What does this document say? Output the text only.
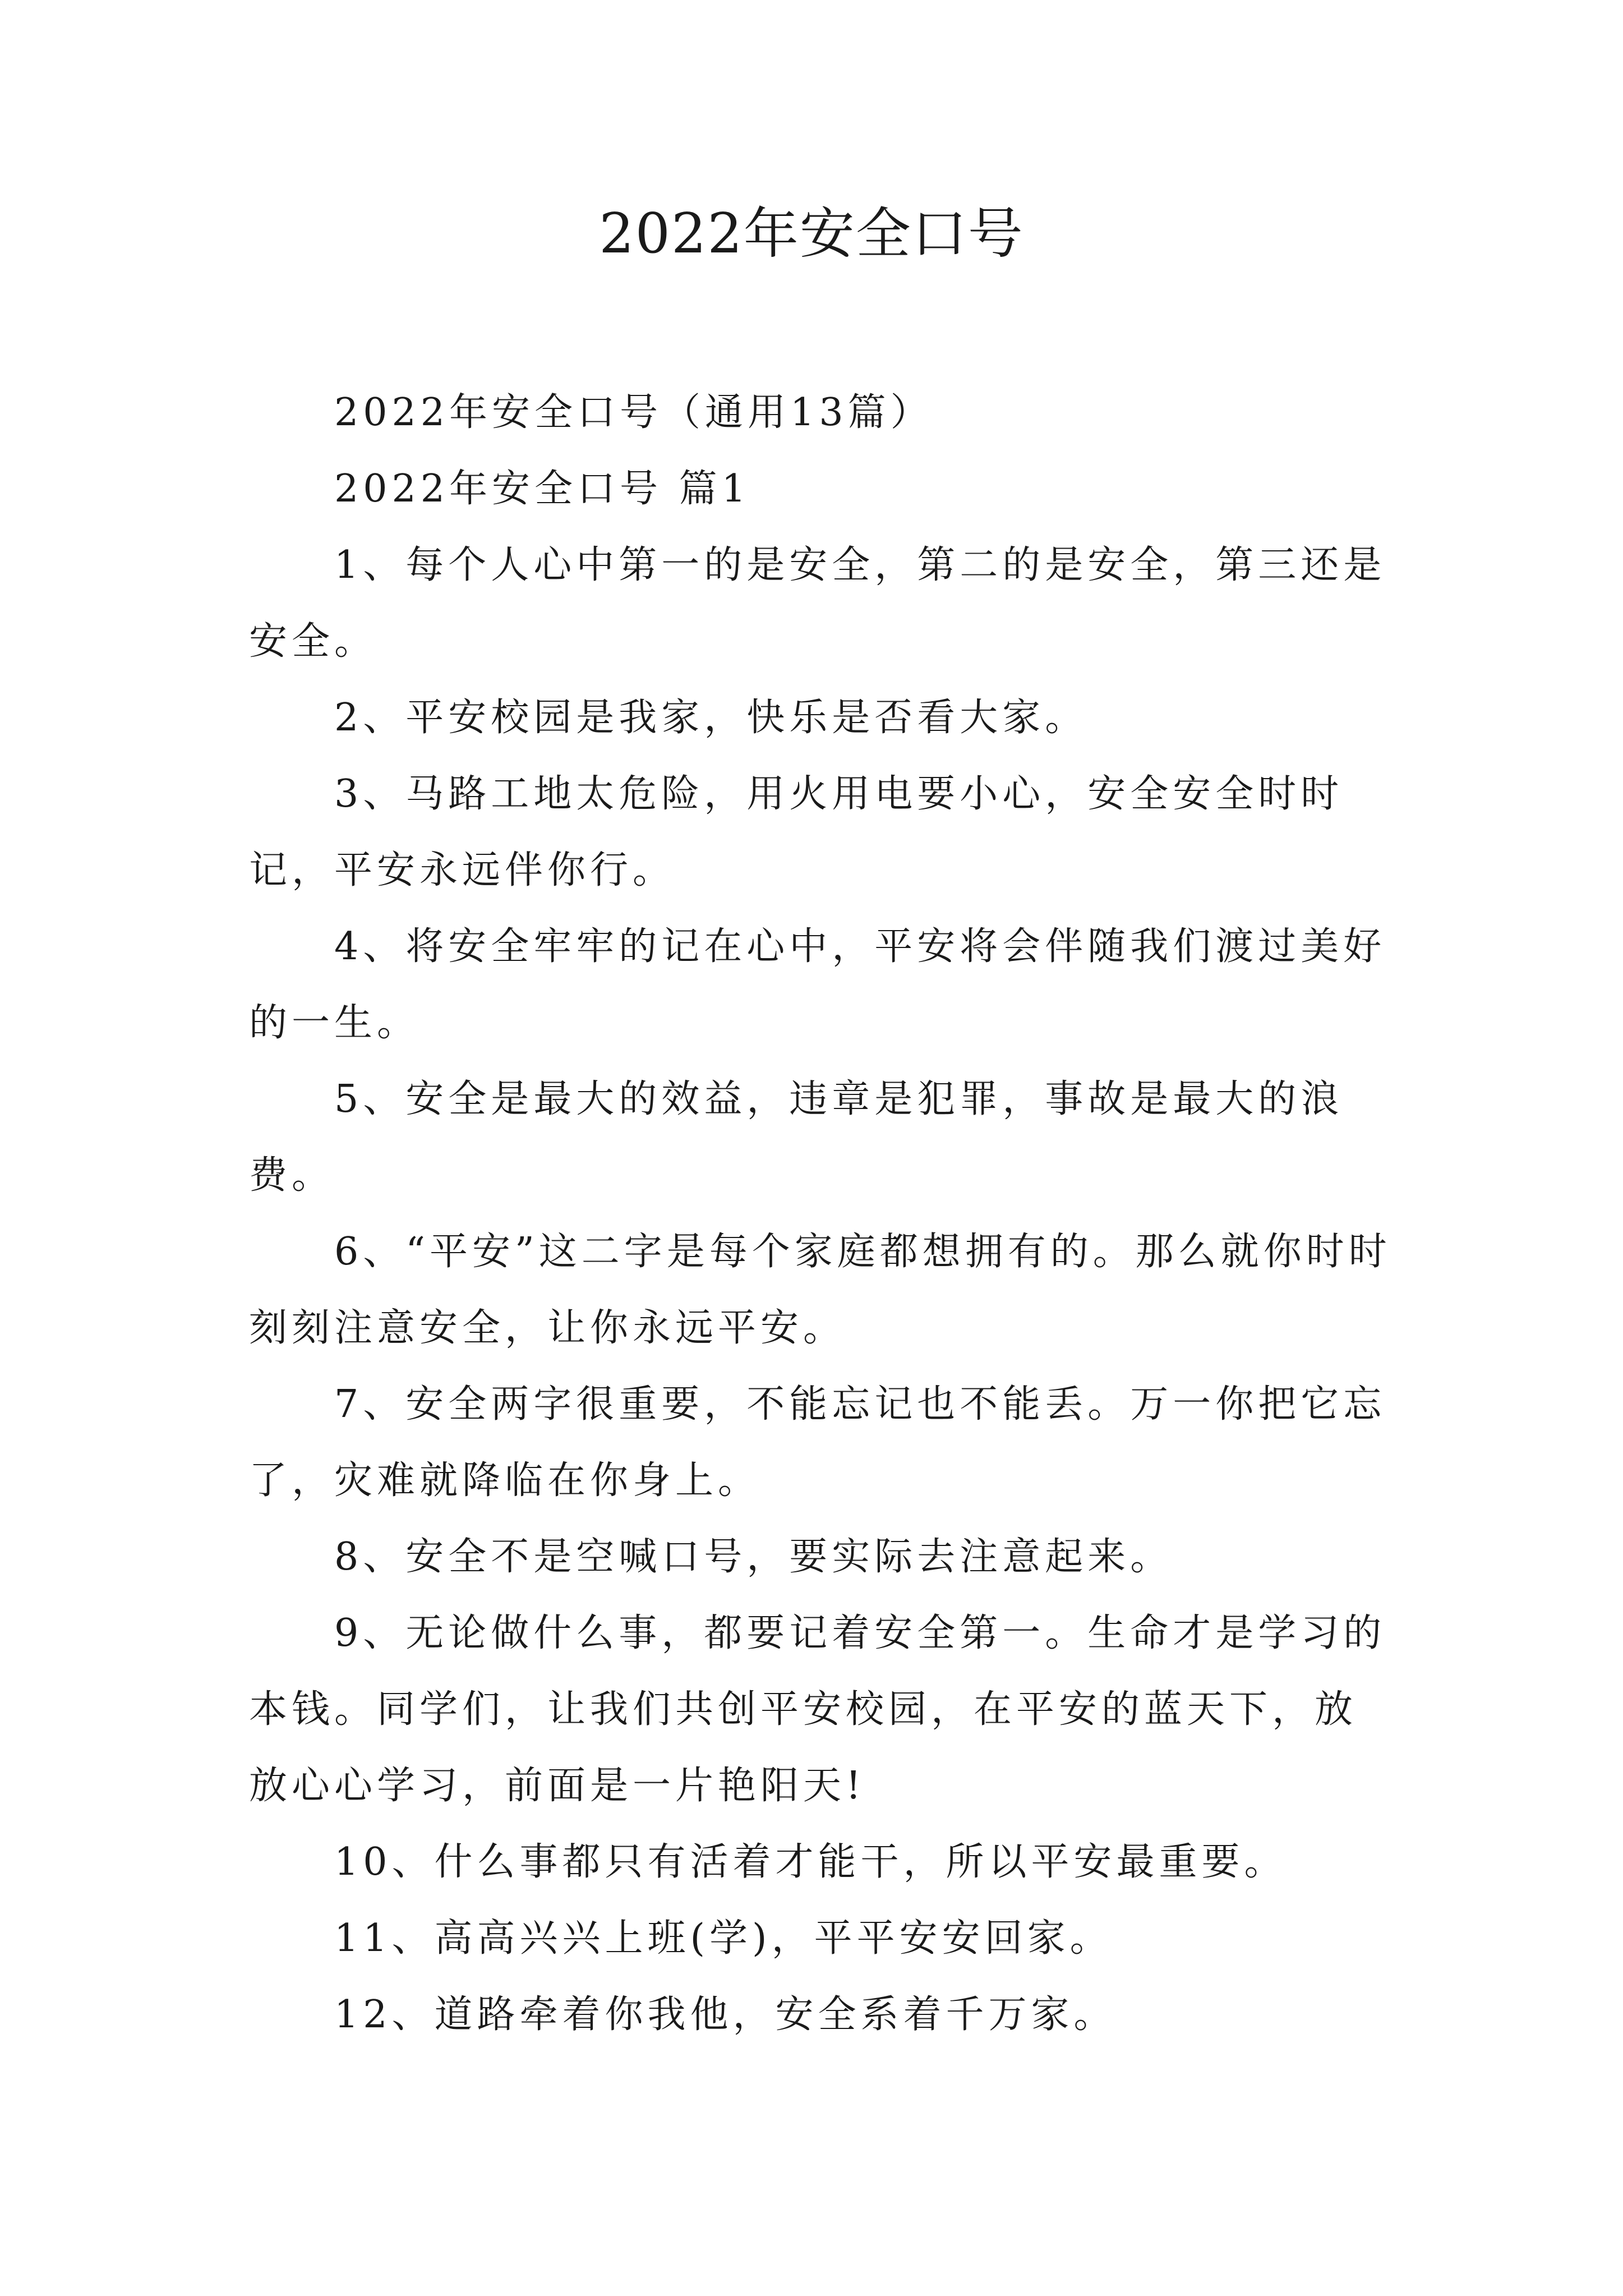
2022年安全口号

2022年安全口号（通用13篇）

2022年安全口号 篇1

1、每个人心中第一的是安全，第二的是安全，第三还是安全。

2、平安校园是我家，快乐是否看大家。

3、马路工地太危险，用火用电要小心，安全安全时时记，平安永远伴你行。

4、将安全牢牢的记在心中，平安将会伴随我们渡过美好的一生。

5、安全是最大的效益，违章是犯罪，事故是最大的浪费。

6、“平安”这二字是每个家庭都想拥有的。那么就你时时刻刻注意安全，让你永远平安。

7、安全两字很重要，不能忘记也不能丢。万一你把它忘了，灾难就降临在你身上。

8、安全不是空喊口号，要实际去注意起来。

9、无论做什么事，都要记着安全第一。生命才是学习的本钱。同学们，让我们共创平安校园，在平安的蓝天下，放放心心学习，前面是一片艳阳天!

10、什么事都只有活着才能干，所以平安最重要。

11、高高兴兴上班(学)，平平安安回家。

12、道路牵着你我他，安全系着千万家。
